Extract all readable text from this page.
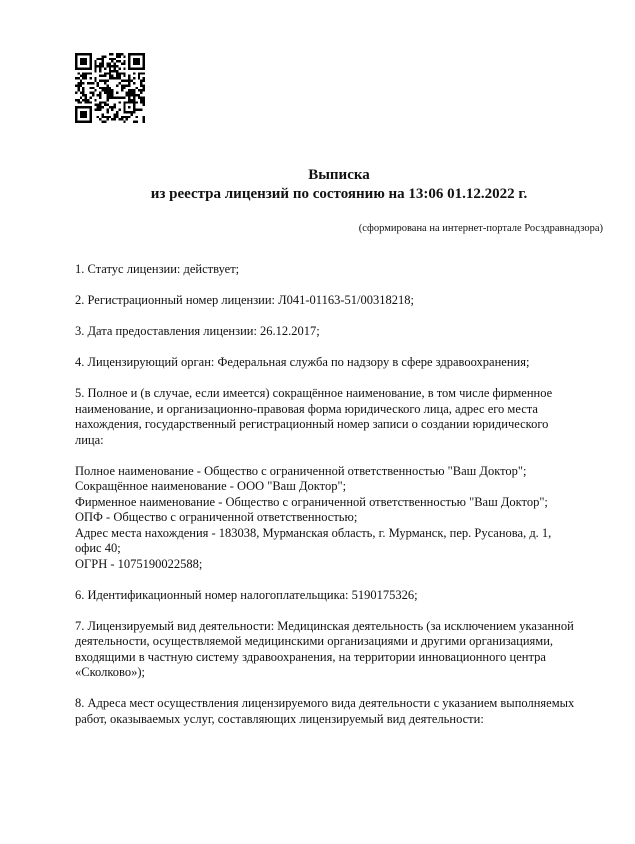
Выписка
из реестра лицензий по состоянию на 13:06 01.12.2022 г.
(сформирована на интернет-портале Росздравнадзора)
1. Статус лицензии: действует;
2. Регистрационный номер лицензии: Л041-01163-51/00318218;
3. Дата предоставления лицензии: 26.12.2017;
4. Лицензирующий орган: Федеральная служба по надзору в сфере здравоохранения;
5. Полное и (в случае, если имеется) сокращённое наименование, в том числе фирменное наименование, и организационно-правовая форма юридического лица, адрес его места нахождения, государственный регистрационный номер записи о создании юридического лица:
Полное наименование - Общество с ограниченной ответственностью "Ваш Доктор";
Сокращённое наименование - ООО "Ваш Доктор";
Фирменное наименование - Общество с ограниченной ответственностью "Ваш Доктор";
ОПФ - Общество с ограниченной ответственностью;
Адрес места нахождения - 183038, Мурманская область, г. Мурманск, пер. Русанова, д. 1, офис 40;
ОГРН - 1075190022588;
6. Идентификационный номер налогоплательщика: 5190175326;
7. Лицензируемый вид деятельности: Медицинская деятельность (за исключением указанной деятельности, осуществляемой медицинскими организациями и другими организациями, входящими в частную систему здравоохранения, на территории инновационного центра «Сколково»);
8. Адреса мест осуществления лицензируемого вида деятельности с указанием выполняемых работ, оказываемых услуг, составляющих лицензируемый вид деятельности:
